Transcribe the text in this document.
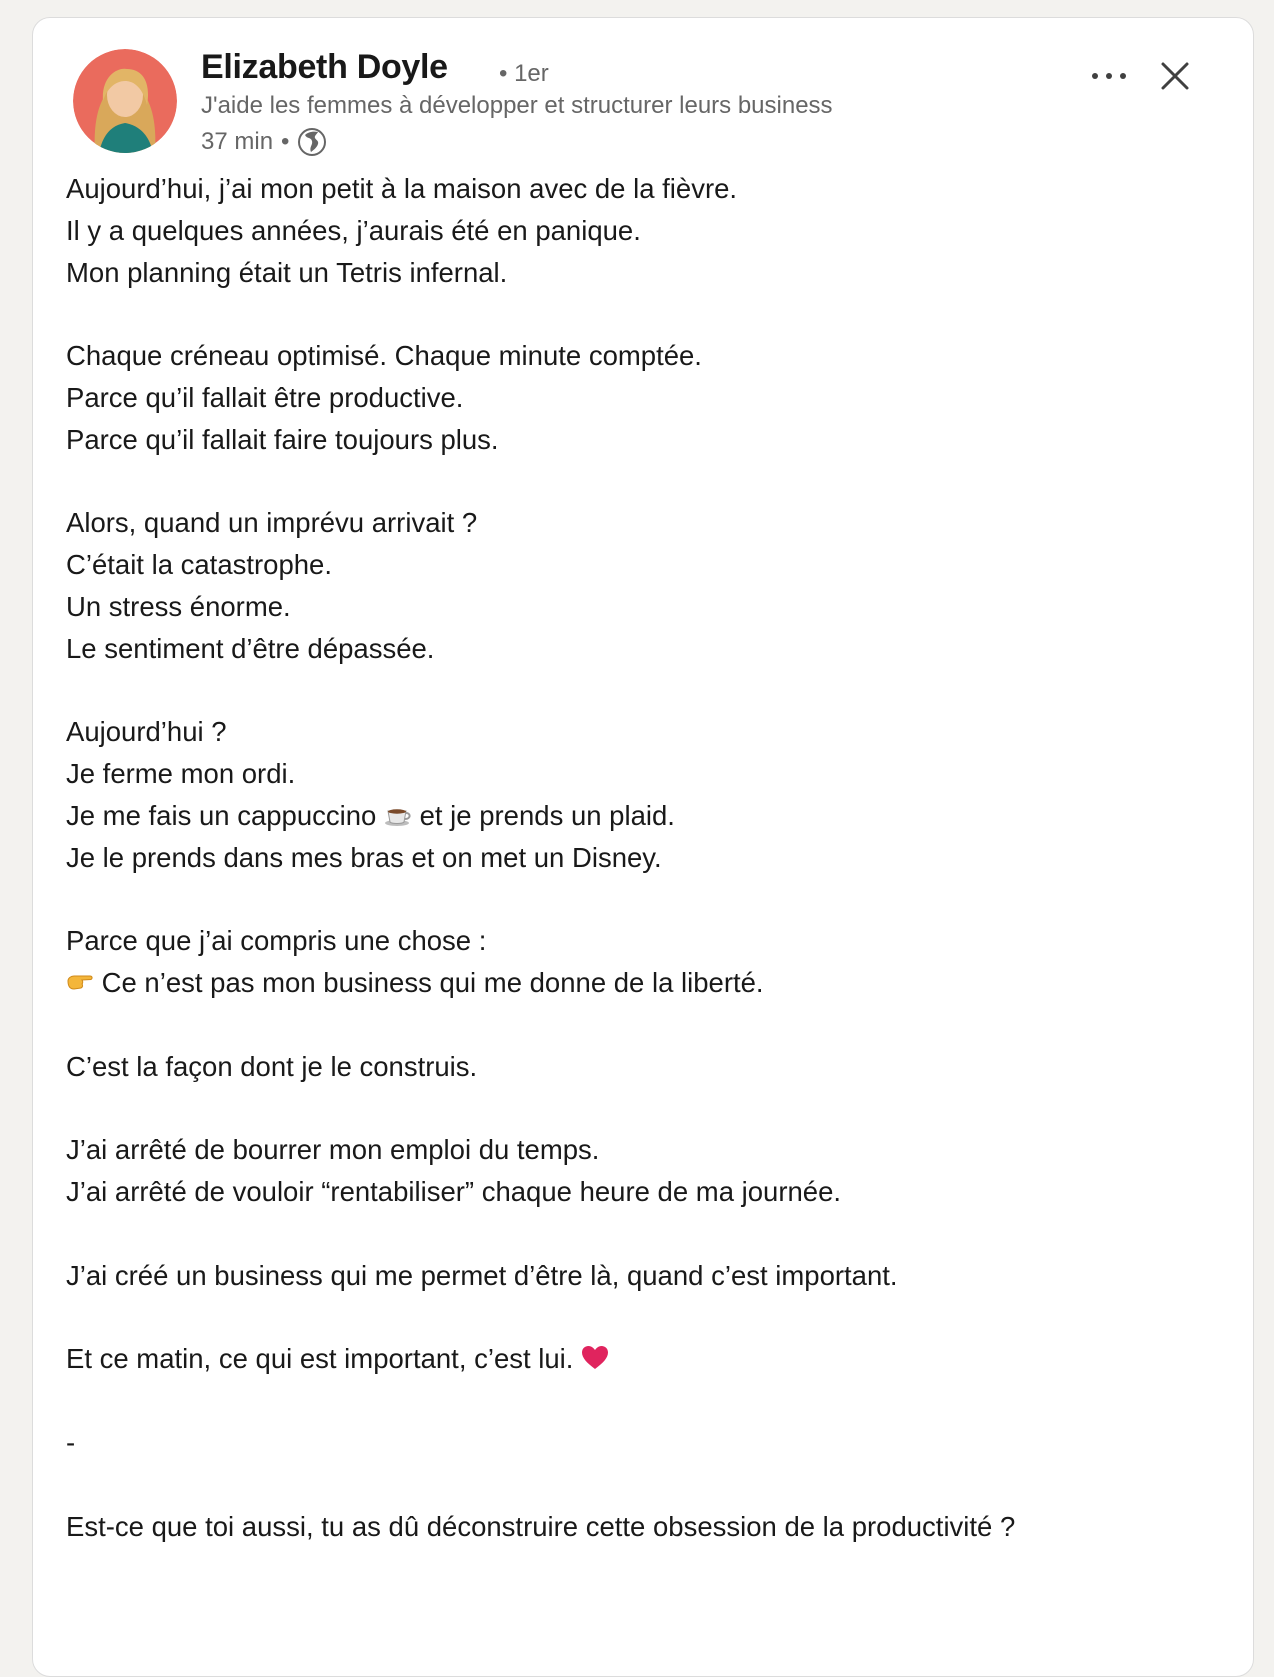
Elizabeth Doyle • 1er
J'aide les femmes à développer et structurer leurs business
37 min •
Aujourd’hui, j’ai mon petit à la maison avec de la fièvre.
Il y a quelques années, j’aurais été en panique.
Mon planning était un Tetris infernal.
Chaque créneau optimisé. Chaque minute comptée.
Parce qu’il fallait être productive.
Parce qu’il fallait faire toujours plus.
Alors, quand un imprévu arrivait ?
C’était la catastrophe.
Un stress énorme.
Le sentiment d’être dépassée.
Aujourd’hui ?
Je ferme mon ordi.
Je me fais un cappuccino et je prends un plaid.
Je le prends dans mes bras et on met un Disney.
Parce que j’ai compris une chose :
Ce n’est pas mon business qui me donne de la liberté.
C’est la façon dont je le construis.
J’ai arrêté de bourrer mon emploi du temps.
J’ai arrêté de vouloir “rentabiliser” chaque heure de ma journée.
J’ai créé un business qui me permet d’être là, quand c’est important.
Et ce matin, ce qui est important, c’est lui.
-
Est-ce que toi aussi, tu as dû déconstruire cette obsession de la productivité ?
